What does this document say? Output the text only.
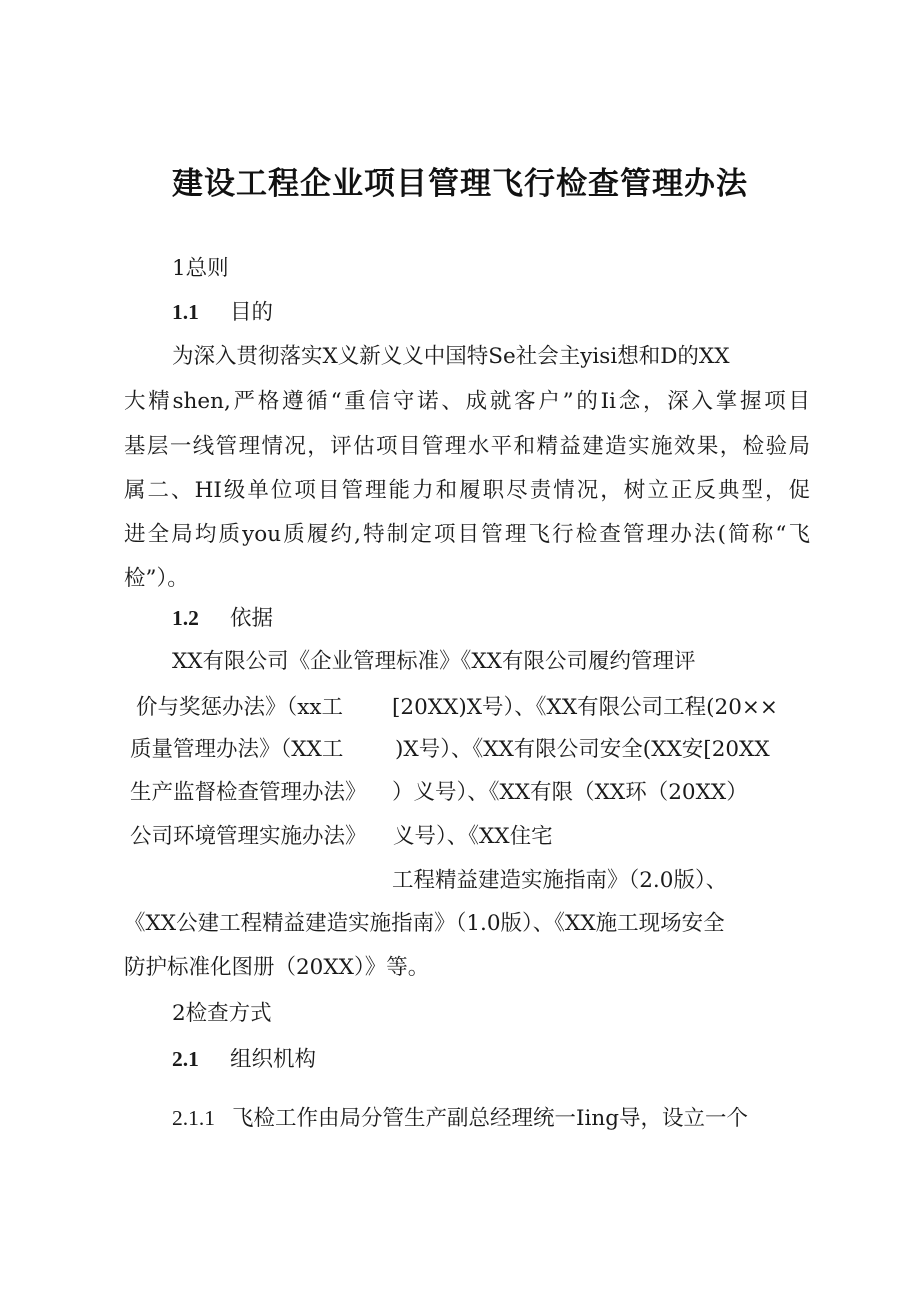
建设工程企业项目管理飞行检查管理办法
1总则
1.1 目的
为深入贯彻落实X义新义义中国特Se社会主yisi想和D的XX
大精shen,严格遵循“重信守诺、成就客户”的Ii念，深入掌握项目
基层一线管理情况，评估项目管理水平和精益建造实施效果，检验局
属二、HI级单位项目管理能力和履职尽责情况，树立正反典型，促
进全局均质you质履约,特制定项目管理飞行检查管理办法(简称“飞
检”）。
1.2 依据
XX有限公司《企业管理标准》《XX有限公司履约管理评
价与奖惩办法》（xx工 [20XX)X号）、《XX有限公司工程(20××
质量管理办法》（XX工 )X号）、《XX有限公司安全(XX安[20XX
生产监督检查管理办法》 ）义号）、《XX有限（XX环（20XX）
公司环境管理实施办法》 义号）、《XX住宅
工程精益建造实施指南》（2.0版）、
《XX公建工程精益建造实施指南》（1.0版）、《XX施工现场安全
防护标准化图册（20XX）》等。
2检查方式
2.1 组织机构
2.1.1 飞检工作由局分管生产副总经理统一Iing导，设立一个
